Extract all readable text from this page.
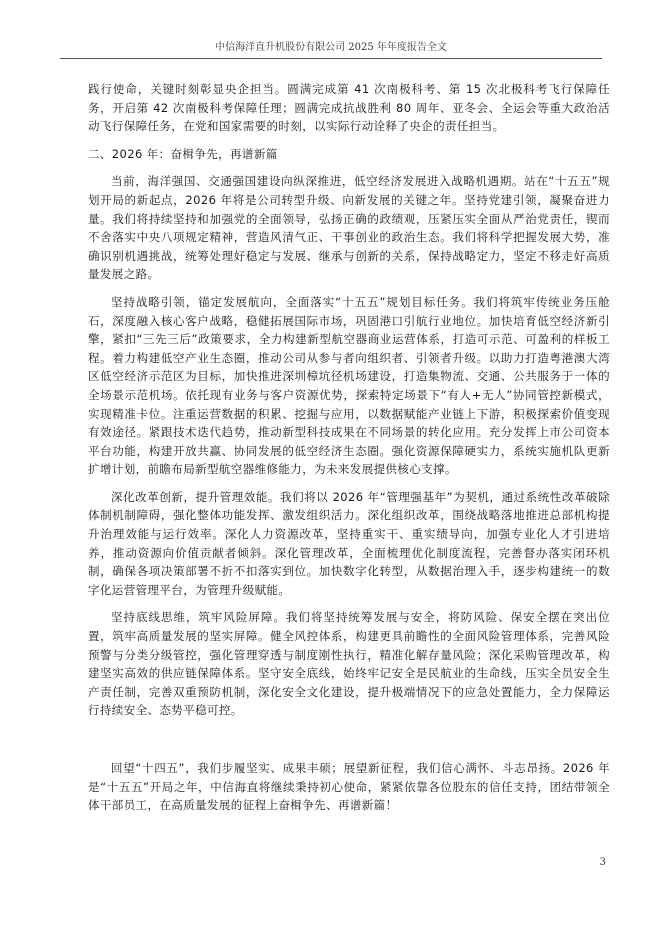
中信海洋直升机股份有限公司 2025 年年度报告全文

践行使命，关键时刻彰显央企担当。圆满完成第 41 次南极科考、第 15 次北极科考飞行保障任务，开启第 42 次南极科考保障任理；圆满完成抗战胜利 80 周年、亚冬会、全运会等重大政治活动飞行保障任务，在党和国家需要的时刻，以实际行动诠释了央企的责任担当。

二、2026 年：奋楫争先，再谱新篇

当前，海洋强国、交通强国建设向纵深推进，低空经济发展进入战略机遇期。站在“十五五”规划开局的新起点，2026 年将是公司转型升级、向新发展的关键之年。坚持党建引领，凝聚奋进力量。我们将持续坚持和加强党的全面领导，弘扬正确的政绩观，压紧压实全面从严治党责任，锲而不舍落实中央八项规定精神，营造风清气正、干事创业的政治生态。我们将科学把握发展大势，准确识别机遇挑战，统筹处理好稳定与发展、继承与创新的关系，保持战略定力，坚定不移走好高质量发展之路。

坚持战略引领，锚定发展航向，全面落实“十五五”规划目标任务。我们将筑牢传统业务压舱石，深度融入核心客户战略，稳健拓展国际市场，巩固港口引航行业地位。加快培育低空经济新引擎，紧扣“三先三后”政策要求，全力构建新型航空器商业运营体系，打造可示范、可盈利的样板工程。着力构建低空产业生态圈，推动公司从参与者向组织者、引领者升级。以助力打造粤港澳大湾区低空经济示范区为目标，加快推进深圳樟坑径机场建设，打造集物流、交通、公共服务于一体的全场景示范机场。依托现有业务与客户资源优势，探索特定场景下“有人+无人”协同管控新模式，实现精准卡位。注重运营数据的积累、挖掘与应用，以数据赋能产业链上下游，积极探索价值变现有效途径。紧跟技术迭代趋势，推动新型科技成果在不同场景的转化应用。充分发挥上市公司资本平台功能，构建开放共赢、协同发展的低空经济生态圈。强化资源保障硬实力，系统实施机队更新扩增计划，前瞻布局新型航空器维修能力，为未来发展提供核心支撑。

深化改革创新，提升管理效能。我们将以 2026 年“管理强基年”为契机，通过系统性改革破除体制机制障碍，强化整体功能发挥、激发组织活力。深化组织改革，围绕战略落地推进总部机构提升治理效能与运行效率。深化人力资源改革，坚持重实干、重实绩导向，加强专业化人才引进培养，推动资源向价值贡献者倾斜。深化管理改革，全面梳理优化制度流程，完善督办落实闭环机制，确保各项决策部署不折不扣落实到位。加快数字化转型，从数据治理入手，逐步构建统一的数字化运营管理平台，为管理升级赋能。

坚持底线思维，筑牢风险屏障。我们将坚持统筹发展与安全，将防风险、保安全摆在突出位置，筑牢高质量发展的坚实屏障。健全风控体系，构建更具前瞻性的全面风险管理体系，完善风险预警与分类分级管控，强化管理穿透与制度刚性执行，精准化解存量风险；深化采购管理改革，构建坚实高效的供应链保障体系。坚守安全底线，始终牢记安全是民航业的生命线，压实全员安全生产责任制，完善双重预防机制，深化安全文化建设，提升极端情况下的应急处置能力，全力保障运行持续安全、态势平稳可控。

回望“十四五”，我们步履坚实、成果丰硕；展望新征程，我们信心满怀、斗志昂扬。2026 年是“十五五”开局之年，中信海直将继续秉持初心使命，紧紧依靠各位股东的信任支持，团结带领全体干部员工，在高质量发展的征程上奋楫争先、再谱新篇！

3
